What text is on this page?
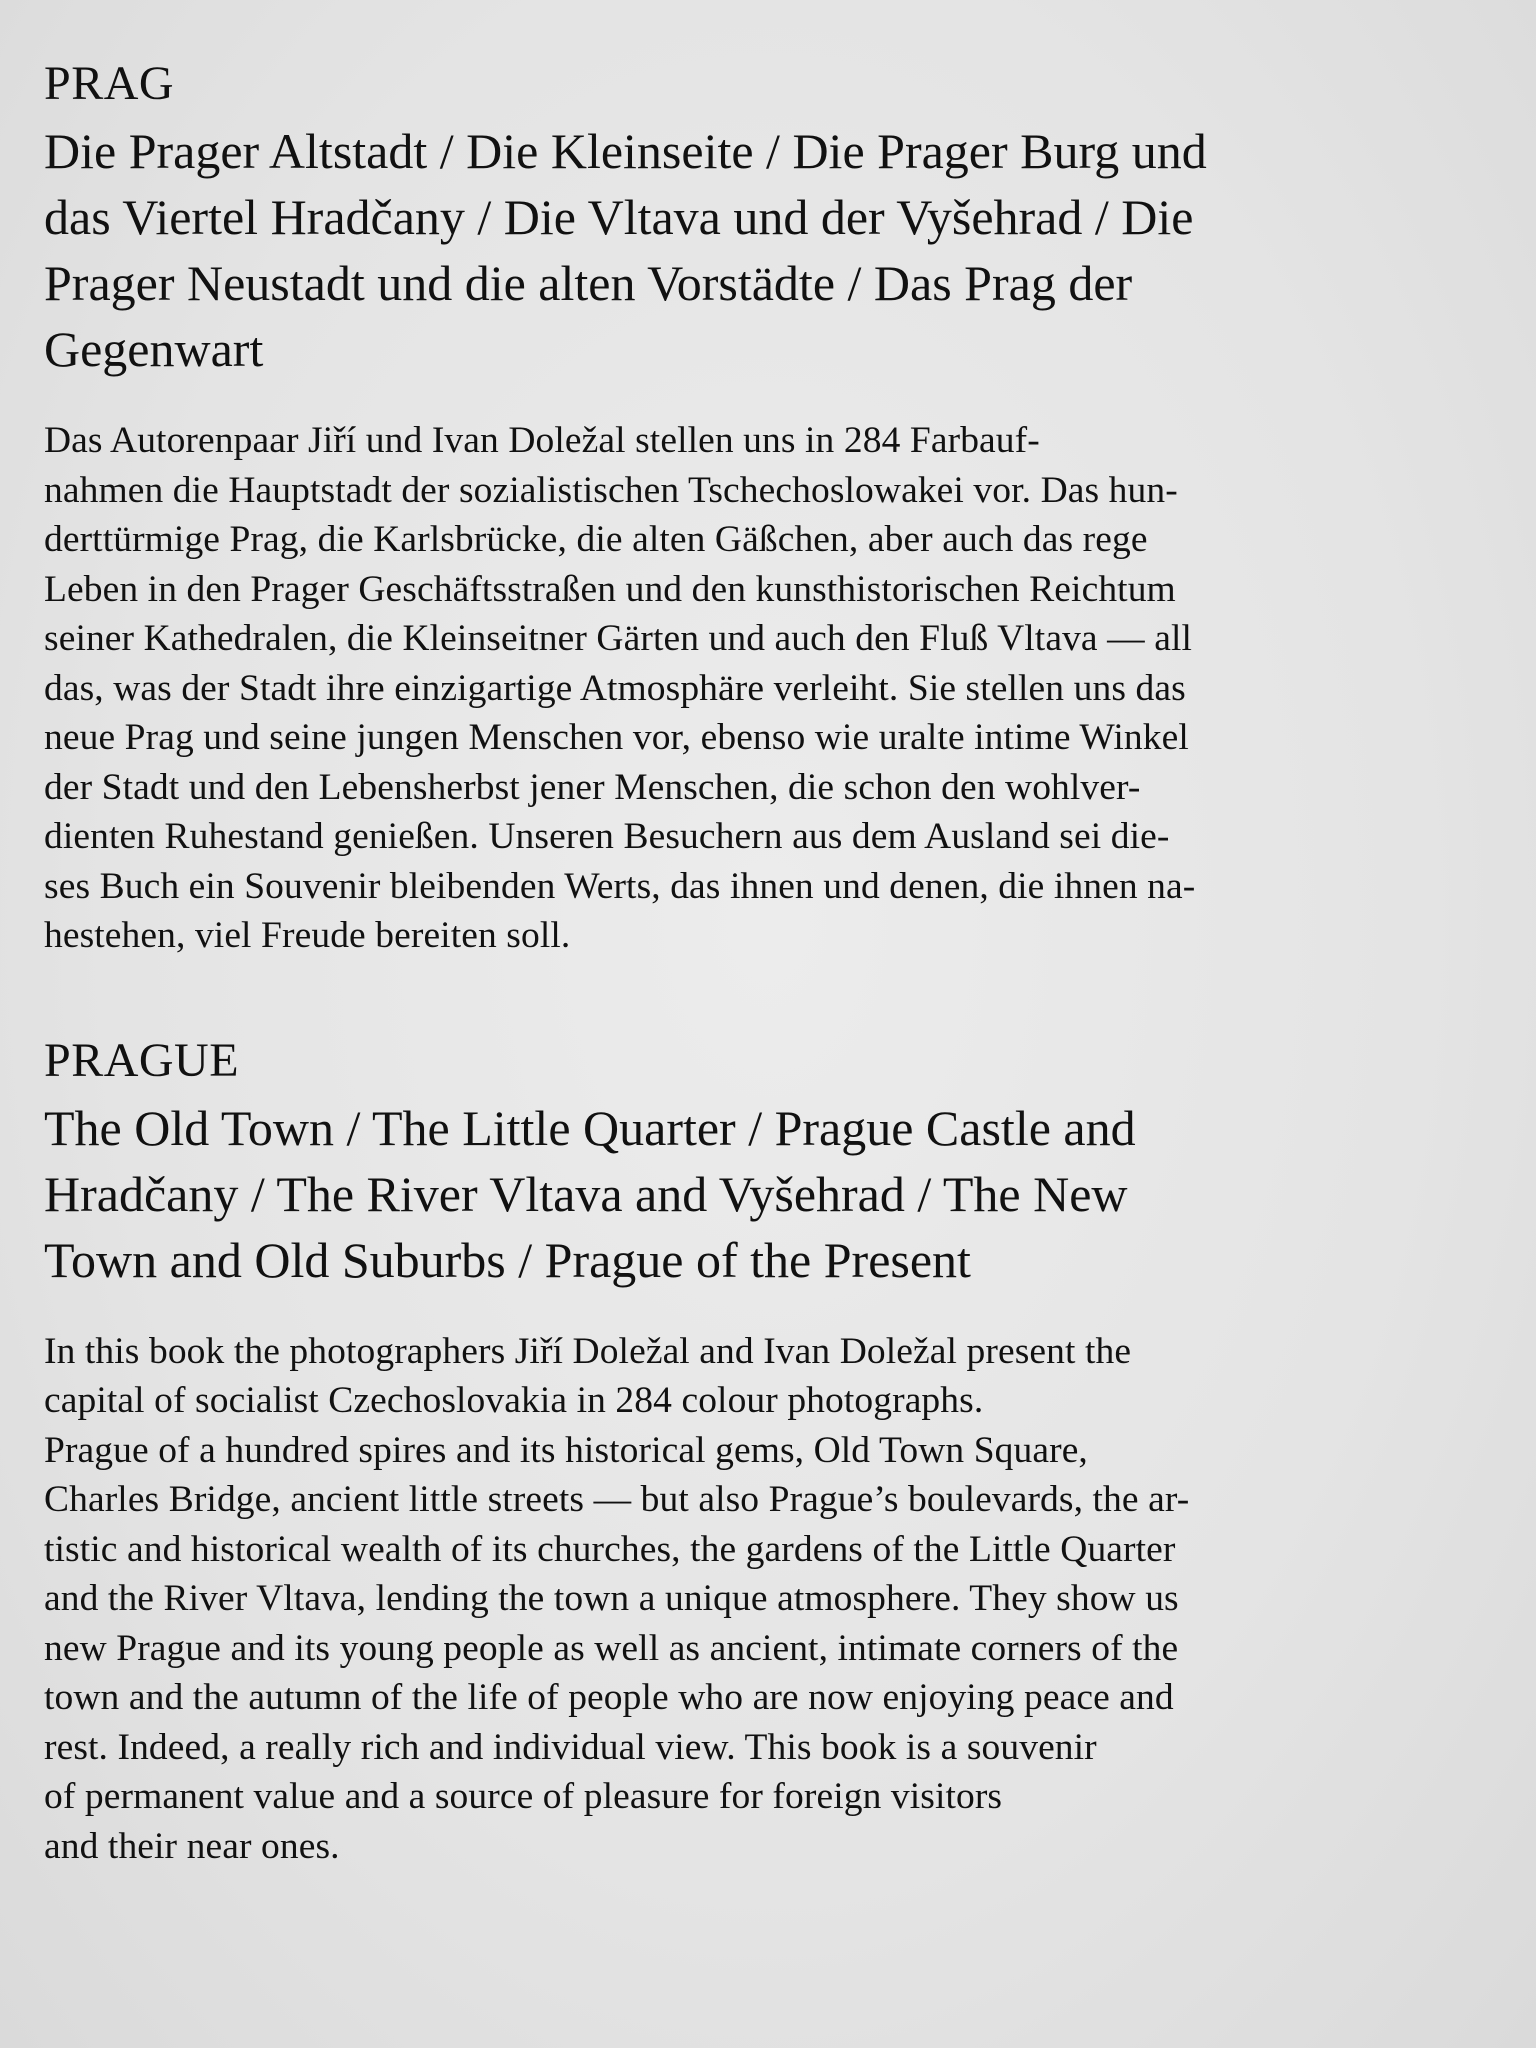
PRAG
Die Prager Altstadt / Die Kleinseite / Die Prager Burg und
das Viertel Hradčany / Die Vltava und der Vyšehrad / Die
Prager Neustadt und die alten Vorstädte / Das Prag der
Gegenwart

Das Autorenpaar Jiří und Ivan Doležal stellen uns in 284 Farbauf-
nahmen die Hauptstadt der sozialistischen Tschechoslowakei vor. Das hun-
derttürmige Prag, die Karlsbrücke, die alten Gäßchen, aber auch das rege
Leben in den Prager Geschäftsstraßen und den kunsthistorischen Reichtum
seiner Kathedralen, die Kleinseitner Gärten und auch den Fluß Vltava — all
das, was der Stadt ihre einzigartige Atmosphäre verleiht. Sie stellen uns das
neue Prag und seine jungen Menschen vor, ebenso wie uralte intime Winkel
der Stadt und den Lebensherbst jener Menschen, die schon den wohlver-
dienten Ruhestand genießen. Unseren Besuchern aus dem Ausland sei die-
ses Buch ein Souvenir bleibenden Werts, das ihnen und denen, die ihnen na-
hestehen, viel Freude bereiten soll.

PRAGUE
The Old Town / The Little Quarter / Prague Castle and
Hradčany / The River Vltava and Vyšehrad / The New
Town and Old Suburbs / Prague of the Present

In this book the photographers Jiří Doležal and Ivan Doležal present the
capital of socialist Czechoslovakia in 284 colour photographs.
Prague of a hundred spires and its historical gems, Old Town Square,
Charles Bridge, ancient little streets — but also Prague’s boulevards, the ar-
tistic and historical wealth of its churches, the gardens of the Little Quarter
and the River Vltava, lending the town a unique atmosphere. They show us
new Prague and its young people as well as ancient, intimate corners of the
town and the autumn of the life of people who are now enjoying peace and
rest. Indeed, a really rich and individual view. This book is a souvenir
of permanent value and a source of pleasure for foreign visitors
and their near ones.
